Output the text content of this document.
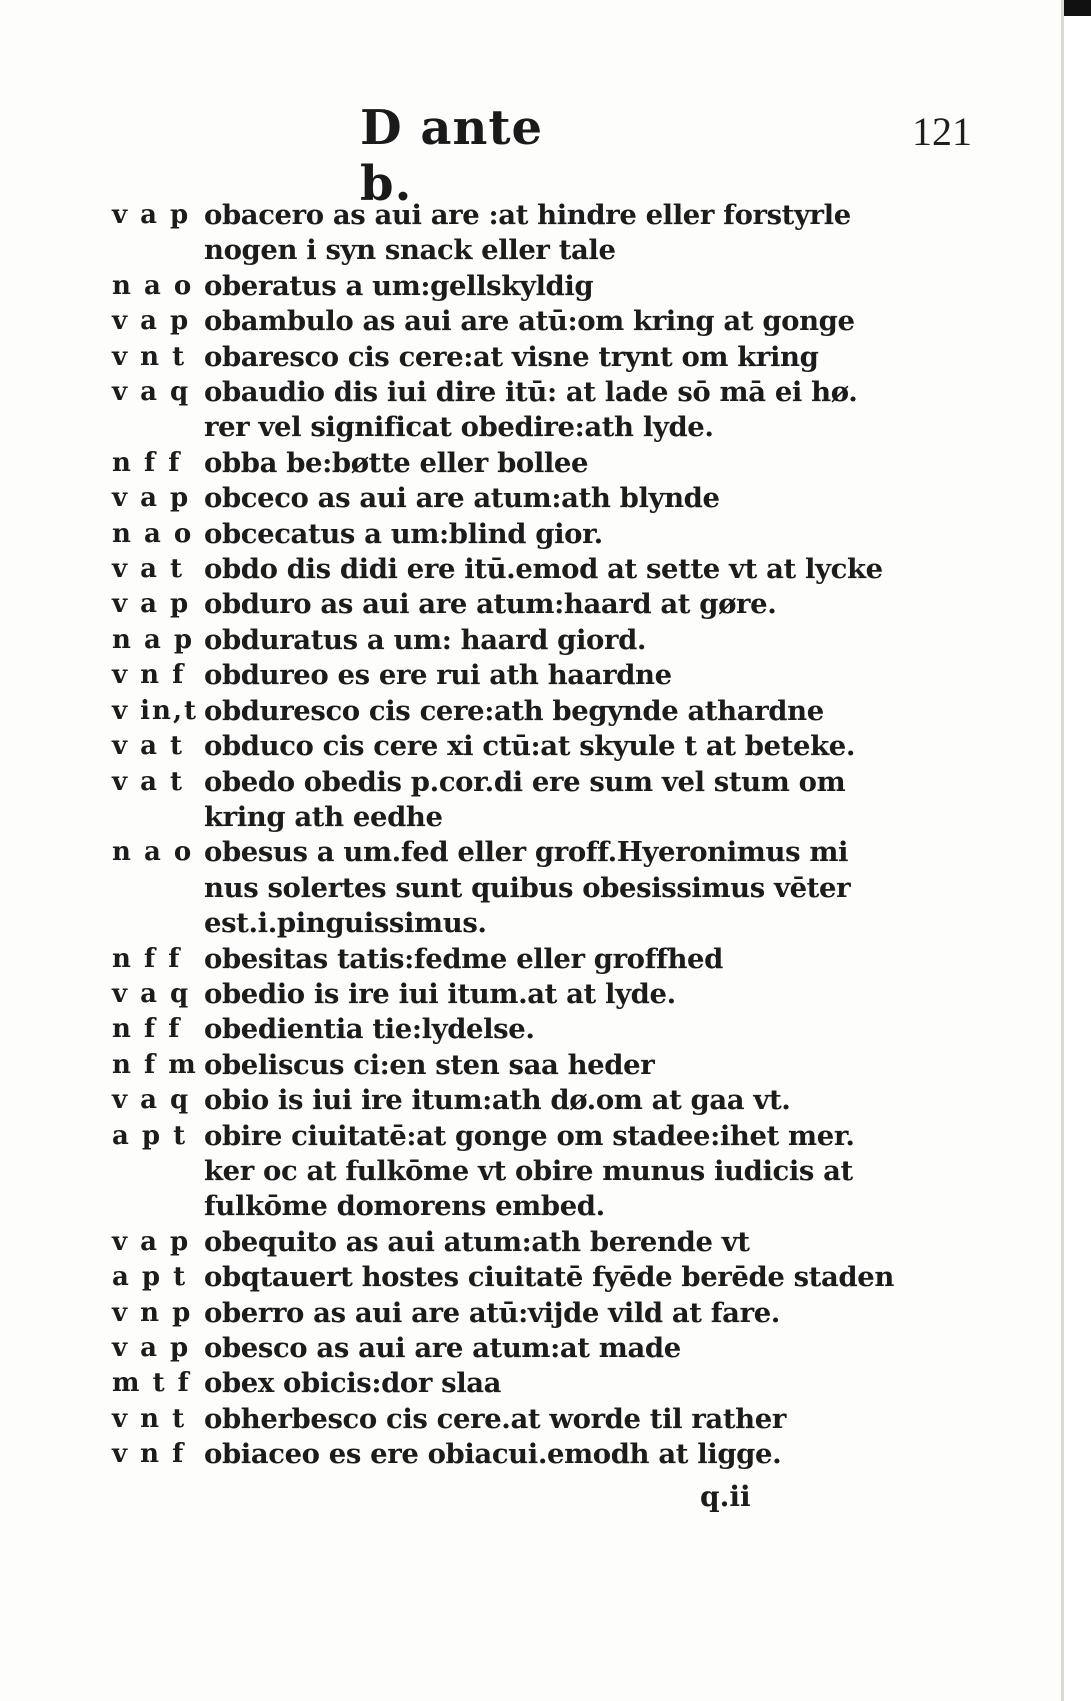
D ante b.
121
v a p obacero as aui are :at hindre eller forstyrle
nogen i syn snack eller tale
n a o oberatus a um:gellskyldig
v a p obambulo as aui are atū:om kring at gonge
v n t obaresco cis cere:at visne trynt om kring
v a q obaudio dis iui dire itū: at lade sō mā ei hø.
rer vel significat obedire:ath lyde.
n f f obba be:bøtte eller bollee
v a p obceco as aui are atum:ath blynde
n a o obcecatus a um:blind gior.
v a t obdo dis didi ere itū.emod at sette vt at lycke
v a p obduro as aui are atum:haard at gøre.
n a p obduratus a um: haard giord.
v n f obdureo es ere rui ath haardne
v in,t obduresco cis cere:ath begynde athardne
v a t obduco cis cere xi ctū:at skyule t at beteke.
v a t obedo obedis p.cor.di ere sum vel stum om
kring ath eedhe
n a o obesus a um.fed eller groff.Hyeronimus mi
nus solertes sunt quibus obesissimus vēter
est.i.pinguissimus.
n f f obesitas tatis:fedme eller groffhed
v a q obedio is ire iui itum.at at lyde.
n f f obedientia tie:lydelse.
n f m obeliscus ci:en sten saa heder
v a q obio is iui ire itum:ath dø.om at gaa vt.
a p t obire ciuitatē:at gonge om stadee:ihet mer.
ker oc at fulkōme vt obire munus iudicis at
fulkōme domorens embed.
v a p obequito as aui atum:ath berende vt
a p t obqtauert hostes ciuitatē fyēde berēde staden
v n p oberro as aui are atū:vijde vild at fare.
v a p obesco as aui are atum:at made
m t f obex obicis:dor slaa
v n t obherbesco cis cere.at worde til rather
v n f obiaceo es ere obiacui.emodh at ligge.
q.ii
